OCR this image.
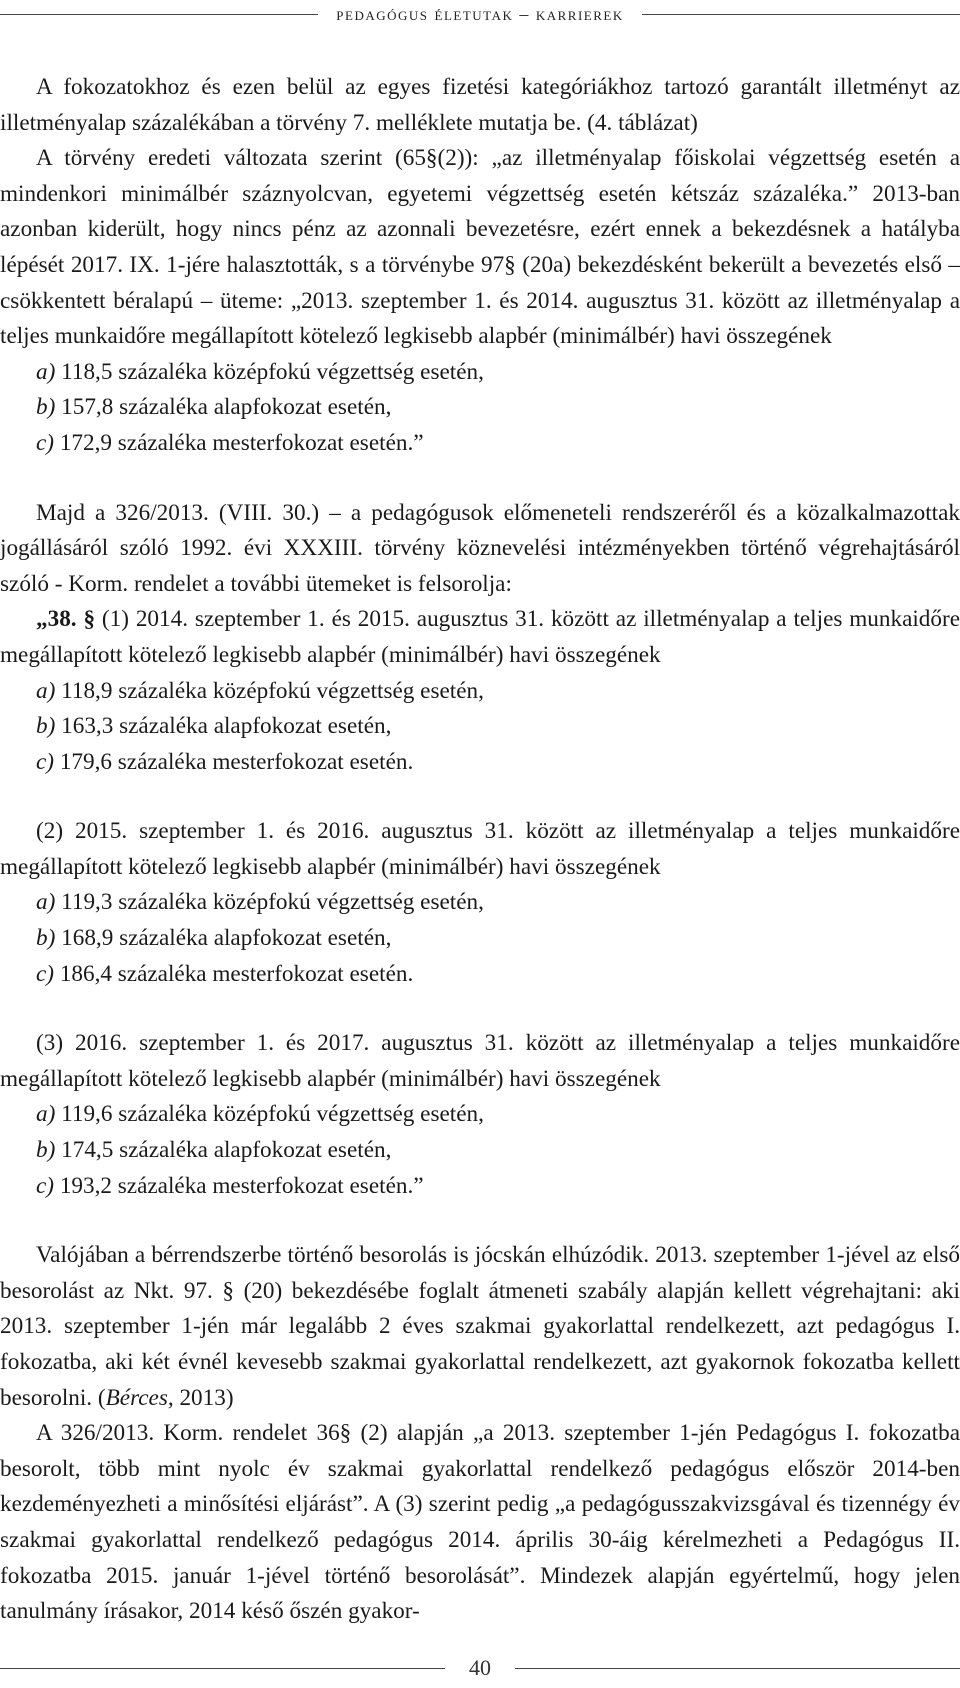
pedagógus életutak – karrierek

A fokozatokhoz és ezen belül az egyes fizetési kategóriákhoz tartozó garantált illetményt az illetményalap százalékában a törvény 7. melléklete mutatja be. (4. táblázat)

A törvény eredeti változata szerint (65§(2)): „az illetményalap főiskolai végzettség esetén a mindenkori minimálbér száznyolcvan, egyetemi végzettség esetén kétszáz százaléka.” 2013-ban azonban kiderült, hogy nincs pénz az azonnali bevezetésre, ezért ennek a bekezdésnek a hatályba lépését 2017. IX. 1-jére halasztották, s a törvénybe 97§ (20a) bekezdésként bekerült a bevezetés első – csökkentett béralapú – üteme: „2013. szeptember 1. és 2014. augusztus 31. között az illetményalap a teljes munkaidőre megállapított kötelező legkisebb alapbér (minimálbér) havi összegének

a) 118,5 százaléka középfokú végzettség esetén,

b) 157,8 százaléka alapfokozat esetén,

c) 172,9 százaléka mesterfokozat esetén.”

Majd a 326/2013. (VIII. 30.) – a pedagógusok előmeneteli rendszeréről és a közalkalmazottak jogállásáról szóló 1992. évi XXXIII. törvény köznevelési intézményekben történő végrehajtásáról szóló - Korm. rendelet a további ütemeket is felsorolja:

„38. § (1) 2014. szeptember 1. és 2015. augusztus 31. között az illetményalap a teljes munkaidőre megállapított kötelező legkisebb alapbér (minimálbér) havi összegének

a) 118,9 százaléka középfokú végzettség esetén,

b) 163,3 százaléka alapfokozat esetén,

c) 179,6 százaléka mesterfokozat esetén.

(2) 2015. szeptember 1. és 2016. augusztus 31. között az illetményalap a teljes munkaidőre megállapított kötelező legkisebb alapbér (minimálbér) havi összegének

a) 119,3 százaléka középfokú végzettség esetén,

b) 168,9 százaléka alapfokozat esetén,

c) 186,4 százaléka mesterfokozat esetén.

(3) 2016. szeptember 1. és 2017. augusztus 31. között az illetményalap a teljes munkaidőre megállapított kötelező legkisebb alapbér (minimálbér) havi összegének

a) 119,6 százaléka középfokú végzettség esetén,

b) 174,5 százaléka alapfokozat esetén,

c) 193,2 százaléka mesterfokozat esetén.”

Valójában a bérrendszerbe történő besorolás is jócskán elhúzódik. 2013. szeptember 1-jével az első besorolást az Nkt. 97. § (20) bekezdésébe foglalt átmeneti szabály alapján kellett végrehajtani: aki 2013. szeptember 1-jén már legalább 2 éves szakmai gyakorlattal rendelkezett, azt pedagógus I. fokozatba, aki két évnél kevesebb szakmai gyakorlattal rendelkezett, azt gyakornok fokozatba kellett besorolni. (Bérces, 2013)

A 326/2013. Korm. rendelet 36§ (2) alapján „a 2013. szeptember 1-jén Pedagógus I. fokozatba besorolt, több mint nyolc év szakmai gyakorlattal rendelkező pedagógus először 2014-ben kezdeményezheti a minősítési eljárást”. A (3) szerint pedig „a pedagógusszakvizsgával és tizennégy év szakmai gyakorlattal rendelkező pedagógus 2014. április 30-áig kérelmezheti a Pedagógus II. fokozatba 2015. január 1-jével történő besorolását”. Mindezek alapján egyértelmű, hogy jelen tanulmány írásakor, 2014 késő őszén gyakor-

40
